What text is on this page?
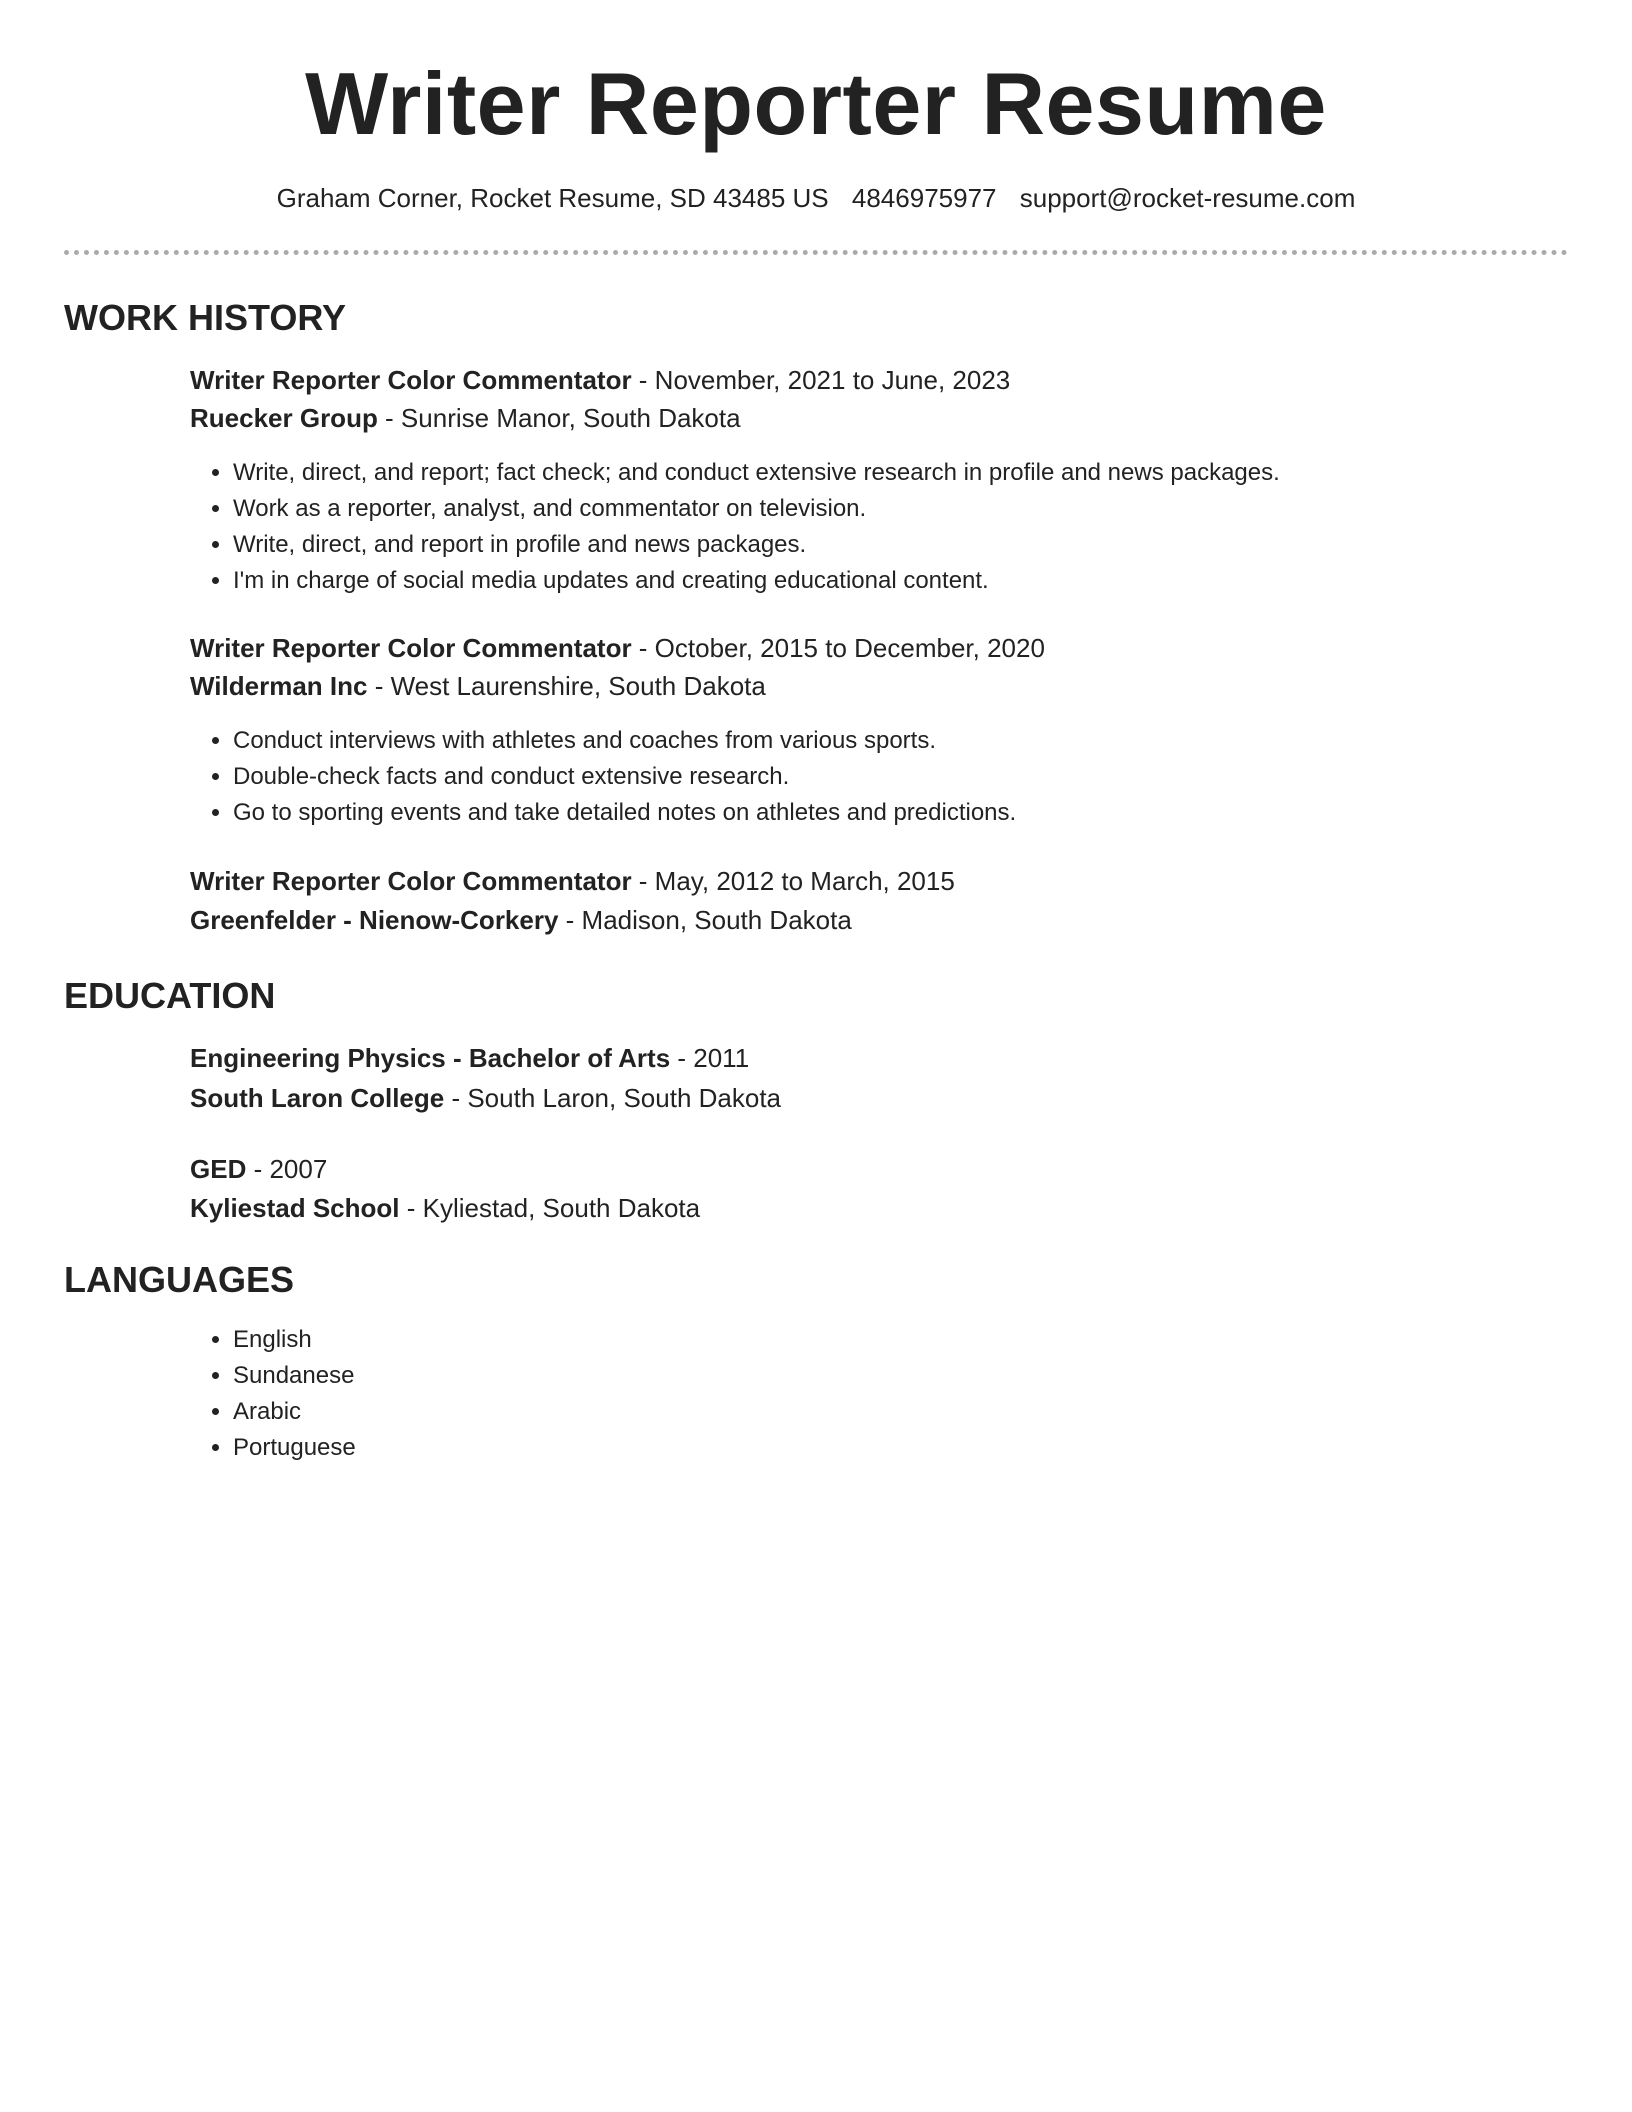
Writer Reporter Resume
Graham Corner, Rocket Resume, SD 43485 US 4846975977 support@rocket-resume.com
WORK HISTORY
Writer Reporter Color Commentator - November, 2021 to June, 2023
Ruecker Group - Sunrise Manor, South Dakota
• Write, direct, and report; fact check; and conduct extensive research in profile and news packages.
• Work as a reporter, analyst, and commentator on television.
• Write, direct, and report in profile and news packages.
• I'm in charge of social media updates and creating educational content.
Writer Reporter Color Commentator - October, 2015 to December, 2020
Wilderman Inc - West Laurenshire, South Dakota
• Conduct interviews with athletes and coaches from various sports.
• Double-check facts and conduct extensive research.
• Go to sporting events and take detailed notes on athletes and predictions.
Writer Reporter Color Commentator - May, 2012 to March, 2015
Greenfelder - Nienow-Corkery - Madison, South Dakota
EDUCATION
Engineering Physics - Bachelor of Arts - 2011
South Laron College - South Laron, South Dakota
GED - 2007
Kyliestad School - Kyliestad, South Dakota
LANGUAGES
• English
• Sundanese
• Arabic
• Portuguese
